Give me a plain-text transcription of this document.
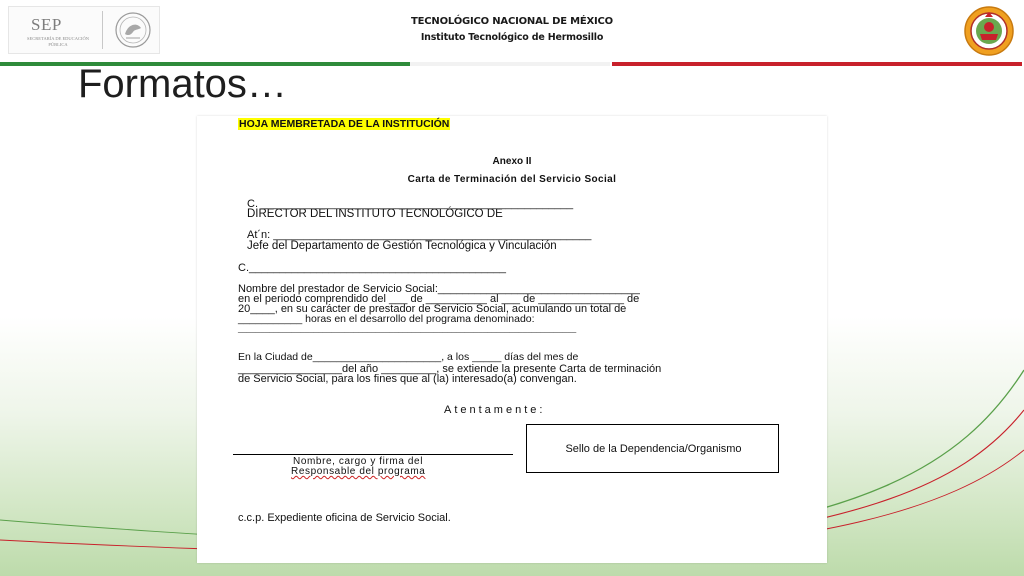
SEP
SECRETARÍA DE EDUCACIÓN PÚBLICA
TECNOLÓGICO NACIONAL DE MÉXICO
Instituto Tecnológico de Hermosillo
Formatos…
HOJA MEMBRETADA DE LA INSTITUCIÓN
Anexo II
Carta de Terminación del Servicio Social
C. ___________________________________________________
DIRECTOR DEL INSTITUTO TECNOLÓGICO DE
At´n: ____________________________________________________
Jefe del Departamento de Gestión Tecnológica y Vinculación
C.__________________________________________
Nombre del prestador de Servicio Social:_________________________________
en el periodo comprendido del ___ de __________ al ___ de ______________ de
20____, en su carácter de prestador de Servicio Social, acumulando un total de
___________ horas en el desarrollo del programa denominado:
____________________________________________________________________________
En la Ciudad de______________________, a los _____ días del mes de
_________________del año _________, se extiende la presente Carta de terminación
de Servicio Social, para los fines que al (la) interesado(a) convengan.
Atentamente:
Nombre, cargo y firma del
Responsable del programa
Sello de la Dependencia/Organismo
c.c.p. Expediente oficina de Servicio Social.
